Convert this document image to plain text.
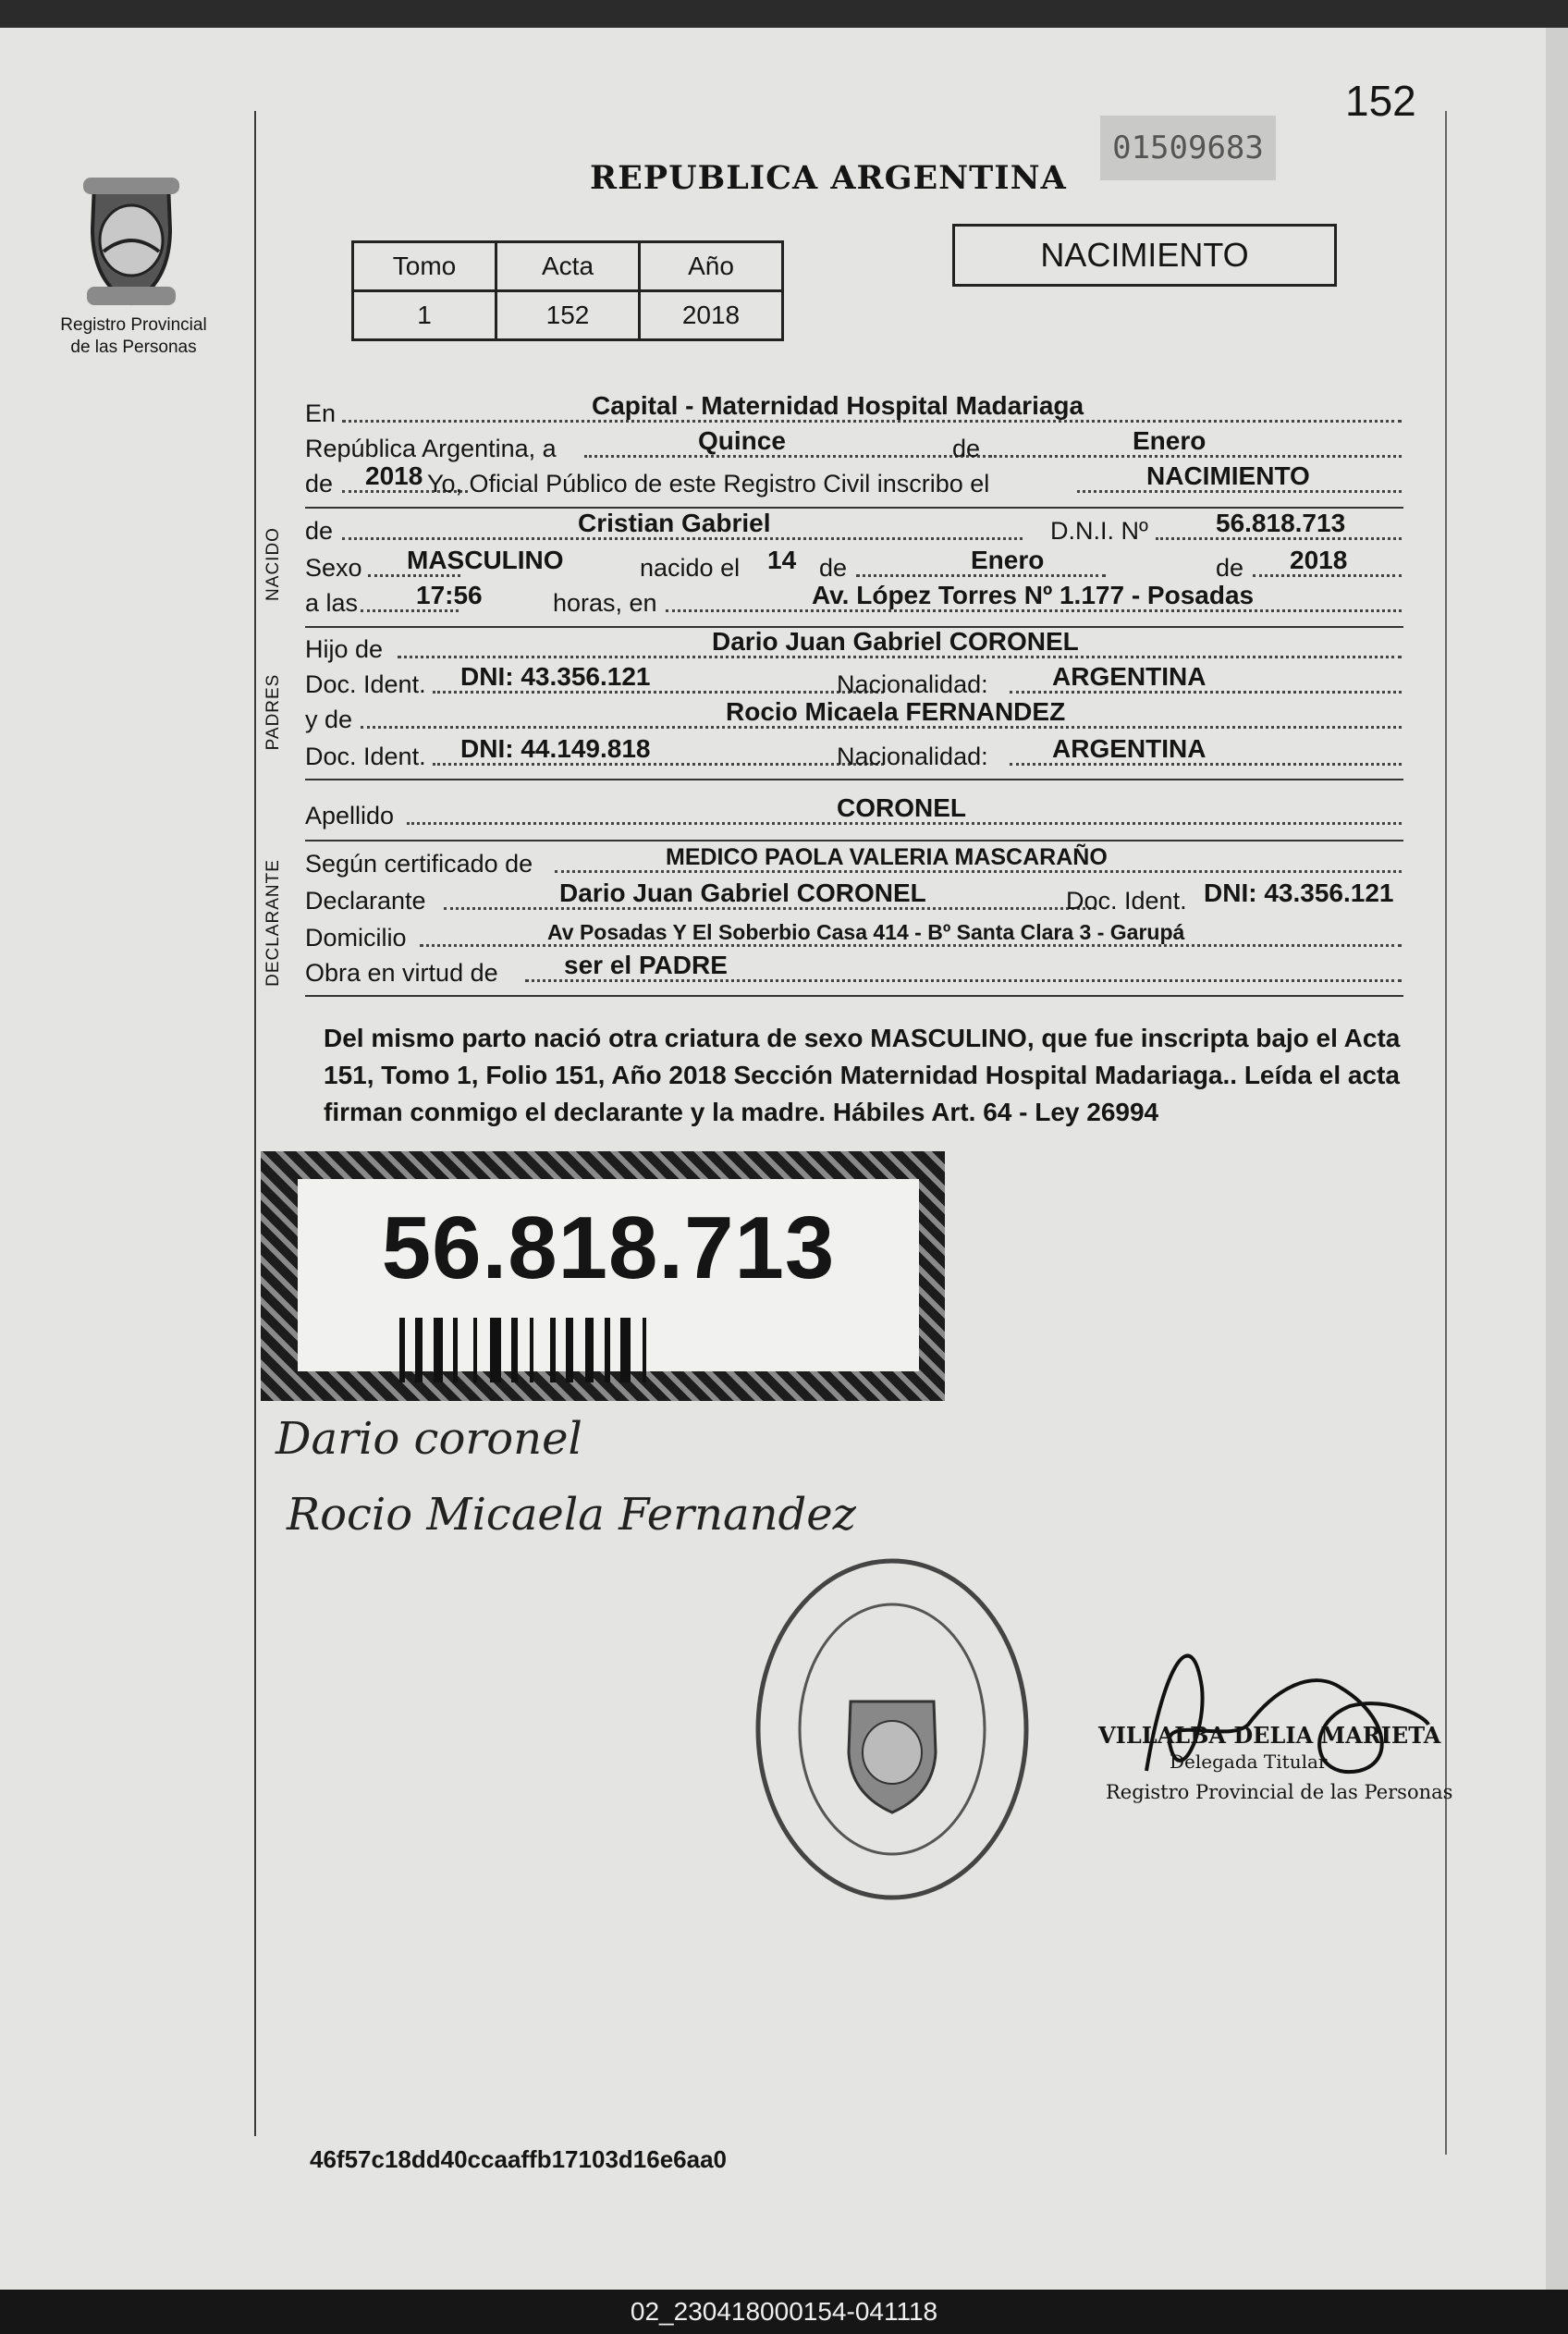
152
01509683
REPUBLICA ARGENTINA
Registro Provincial
de las Personas
Tomo	Acta	Año
1	152	2018
NACIMIENTO
En	Capital - Maternidad Hospital Madariaga
República Argentina, a	Quince	de	Enero
de 2018 Yo, Oficial Público de este Registro Civil inscribo el	NACIMIENTO
NACIDO de	Cristian Gabriel	D.N.I. Nº	56.818.713
Sexo MASCULINO	nacido el 14 de	Enero	de 2018
a las 17:56	horas, en	Av. López Torres Nº 1.177 - Posadas
PADRES
Hijo de	Dario Juan Gabriel CORONEL
Doc. Ident. DNI: 43.356.121	Nacionalidad: ARGENTINA
y de	Rocio Micaela FERNANDEZ
Doc. Ident. DNI: 44.149.818	Nacionalidad: ARGENTINA
Apellido	CORONEL
DECLARANTE Según certificado de	MEDICO PAOLA VALERIA MASCARAÑO
Declarante	Dario Juan Gabriel CORONEL	Doc. Ident. DNI: 43.356.121
Domicilio	Av Posadas Y El Soberbio Casa 414 - Bº Santa Clara 3 - Garupá
Obra en virtud de	ser el PADRE
Del mismo parto nació otra criatura de sexo MASCULINO, que fue inscripta bajo el Acta 151, Tomo 1, Folio 151, Año 2018 Sección Maternidad Hospital Madariaga.. Leída el acta firman conmigo el declarante y la madre. Hábiles Art. 64 - Ley 26994
56.818.713
Dario coronel
Rocio Micaela Fernandez
VILLALBA DELIA MARIETA
Delegada Titular
Registro Provincial de las Personas
46f57c18dd40ccaaffb17103d16e6aa0
02_230418000154-041118
